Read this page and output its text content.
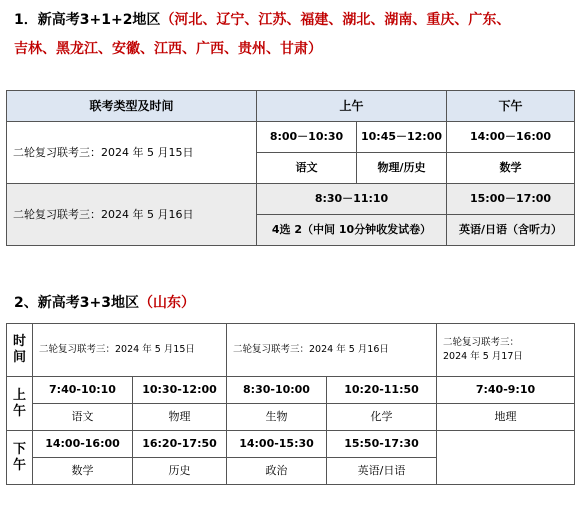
1．新高考3+1+2地区（河北、辽宁、江苏、福建、湖北、湖南、重庆、广东、
吉林、黑龙江、安徽、江西、广西、贵州、甘肃）
联考类型及时间	上午		下午
二轮复习联考三：2024 年 5 月15日	8:00－10:30	10:45－12:00	14:00－16:00
	语文	物理/历史	数学
二轮复习联考三：2024 年 5 月16日	8:30－11:10		15:00－17:00
	4选 2（中间 10分钟收发试卷）		英语/日语（含听力）
2、新高考3+3地区（山东）
时
间	二轮复习联考三：2024 年 5 月15日		二轮复习联考三：2024 年 5 月16日		二轮复习联考三：
2024 年 5 月17日
上
午	7:40-10:10	10:30-12:00	8:30-10:00	10:20-11:50	7:40-9:10
	语文	物理	生物	化学	地理
下
午	14:00-16:00	16:20-17:50	14:00-15:30	15:50-17:30	
	数学	历史	政治	英语/日语	
